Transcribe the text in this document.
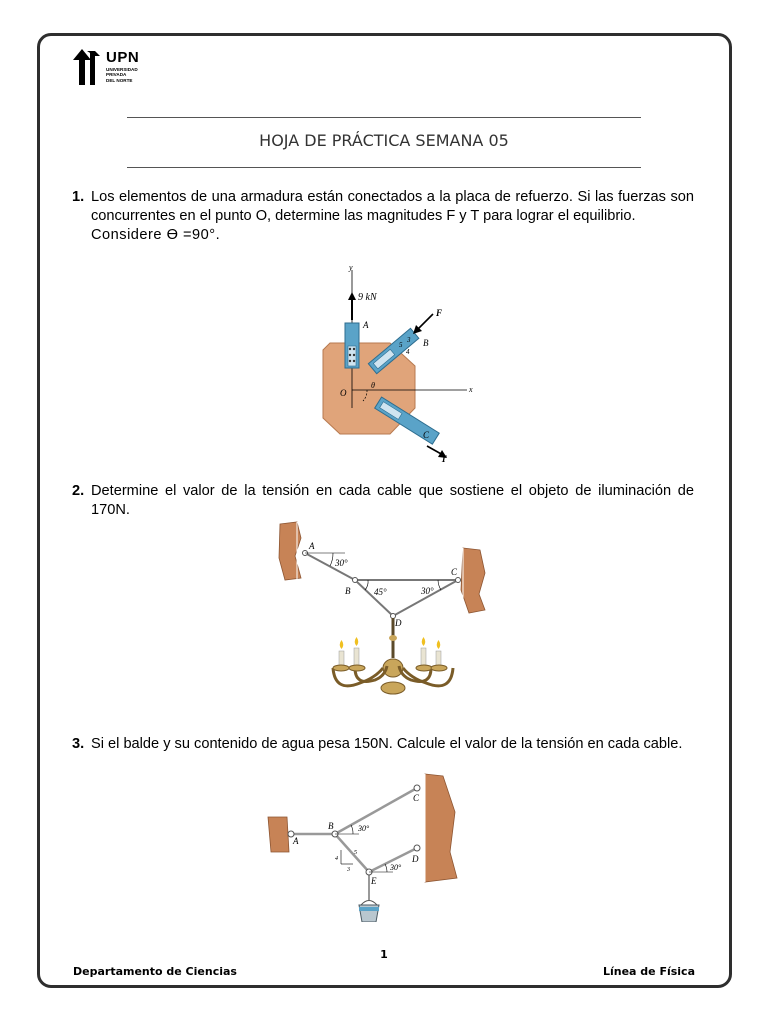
UPN
UNIVERSIDAD
PRIVADA
DEL NORTE
HOJA DE PRÁCTICA SEMANA 05
1. Los elementos de una armadura están conectados a la placa de refuerzo. Si las fuerzas son concurrentes en el punto O, determine las magnitudes F y T para lograr el equilibrio.
Considere ϴ =90°.
y
x
9 kN
A
B
5
3
4
F
C
T
θ
O
2. Determine el valor de la tensión en cada cable que sostiene el objeto de iluminación de 170N.
30°
45°	30°
A
B
C
D
3. Si el balde y su contenido de agua pesa 150N. Calcule el valor de la tensión en cada cable.
30°
30°
5
4
3
A
B
C
D
E
1
Departamento de Ciencias	Línea de Física
